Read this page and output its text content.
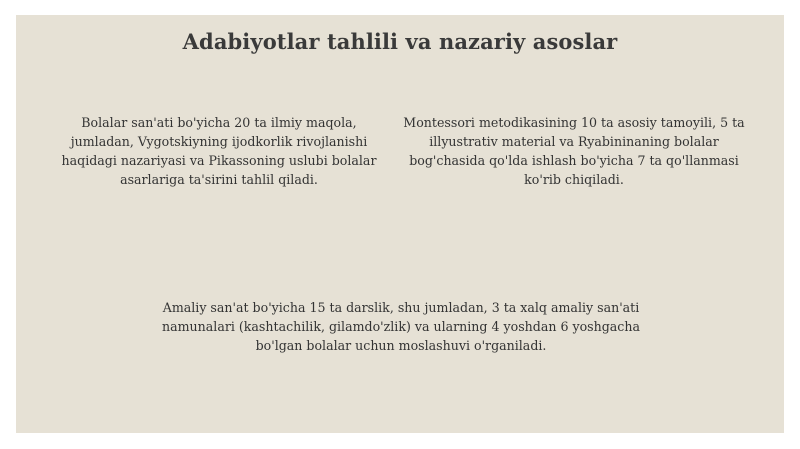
Adabiyotlar tahlili va nazariy asoslar
Bolalar san'ati bo'yicha 20 ta ilmiy maqola, jumladan, Vygotskiyning ijodkorlik rivojlanishi haqidagi nazariyasi va Pikassoning uslubi bolalar asarlariga ta'sirini tahlil qiladi.
Montessori metodikasining 10 ta asosiy tamoyili, 5 ta illyustrativ material va Ryabininaning bolalar bog'chasida qo'lda ishlash bo'yicha 7 ta qo'llanmasi ko'rib chiqiladi.
Amaliy san'at bo'yicha 15 ta darslik, shu jumladan, 3 ta xalq amaliy san'ati namunalari (kashtachilik, gilamdo'zlik) va ularning 4 yoshdan 6 yoshgacha bo'lgan bolalar uchun moslashuvi o'rganiladi.
